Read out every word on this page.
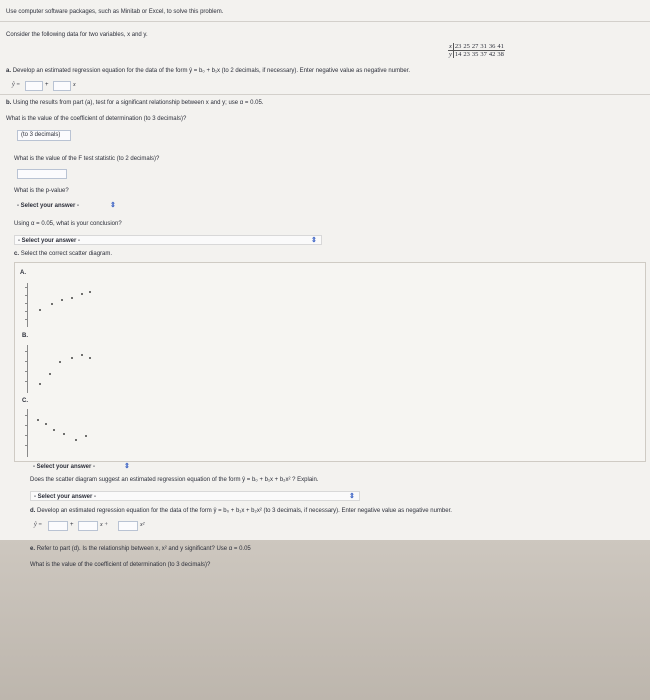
Use computer software packages, such as Minitab or Excel, to solve this problem.
Consider the following data for two variables, x and y.
x	23	25	27	31	36	41
y	14	23	35	37	42	38
a. Develop an estimated regression equation for the data of the form ŷ = b₀ + b₁x (to 2 decimals, if necessary). Enter negative value as negative number.
ŷ =	+	x
b. Using the results from part (a), test for a significant relationship between x and y; use α = 0.05.
What is the value of the coefficient of determination (to 3 decimals)?
(to 3 decimals)
What is the value of the F test statistic (to 2 decimals)?
What is the p-value?
- Select your answer -	⇕
Using α = 0.05, what is your conclusion?
- Select your answer -	⇕
c. Select the correct scatter diagram.
A.
B.
C.
- Select your answer -	⇕
Does the scatter diagram suggest an estimated regression equation of the form ŷ = b₀ + b₁x + b₂x² ? Explain.
- Select your answer -	⇕
d. Develop an estimated regression equation for the data of the form ŷ = b₀ + b₁x + b₂x² (to 3 decimals, if necessary). Enter negative value as negative number.
ŷ =	+	x +	x²
e. Refer to part (d). Is the relationship between x, x² and y significant? Use α = 0.05
What is the value of the coefficient of determination (to 3 decimals)?
